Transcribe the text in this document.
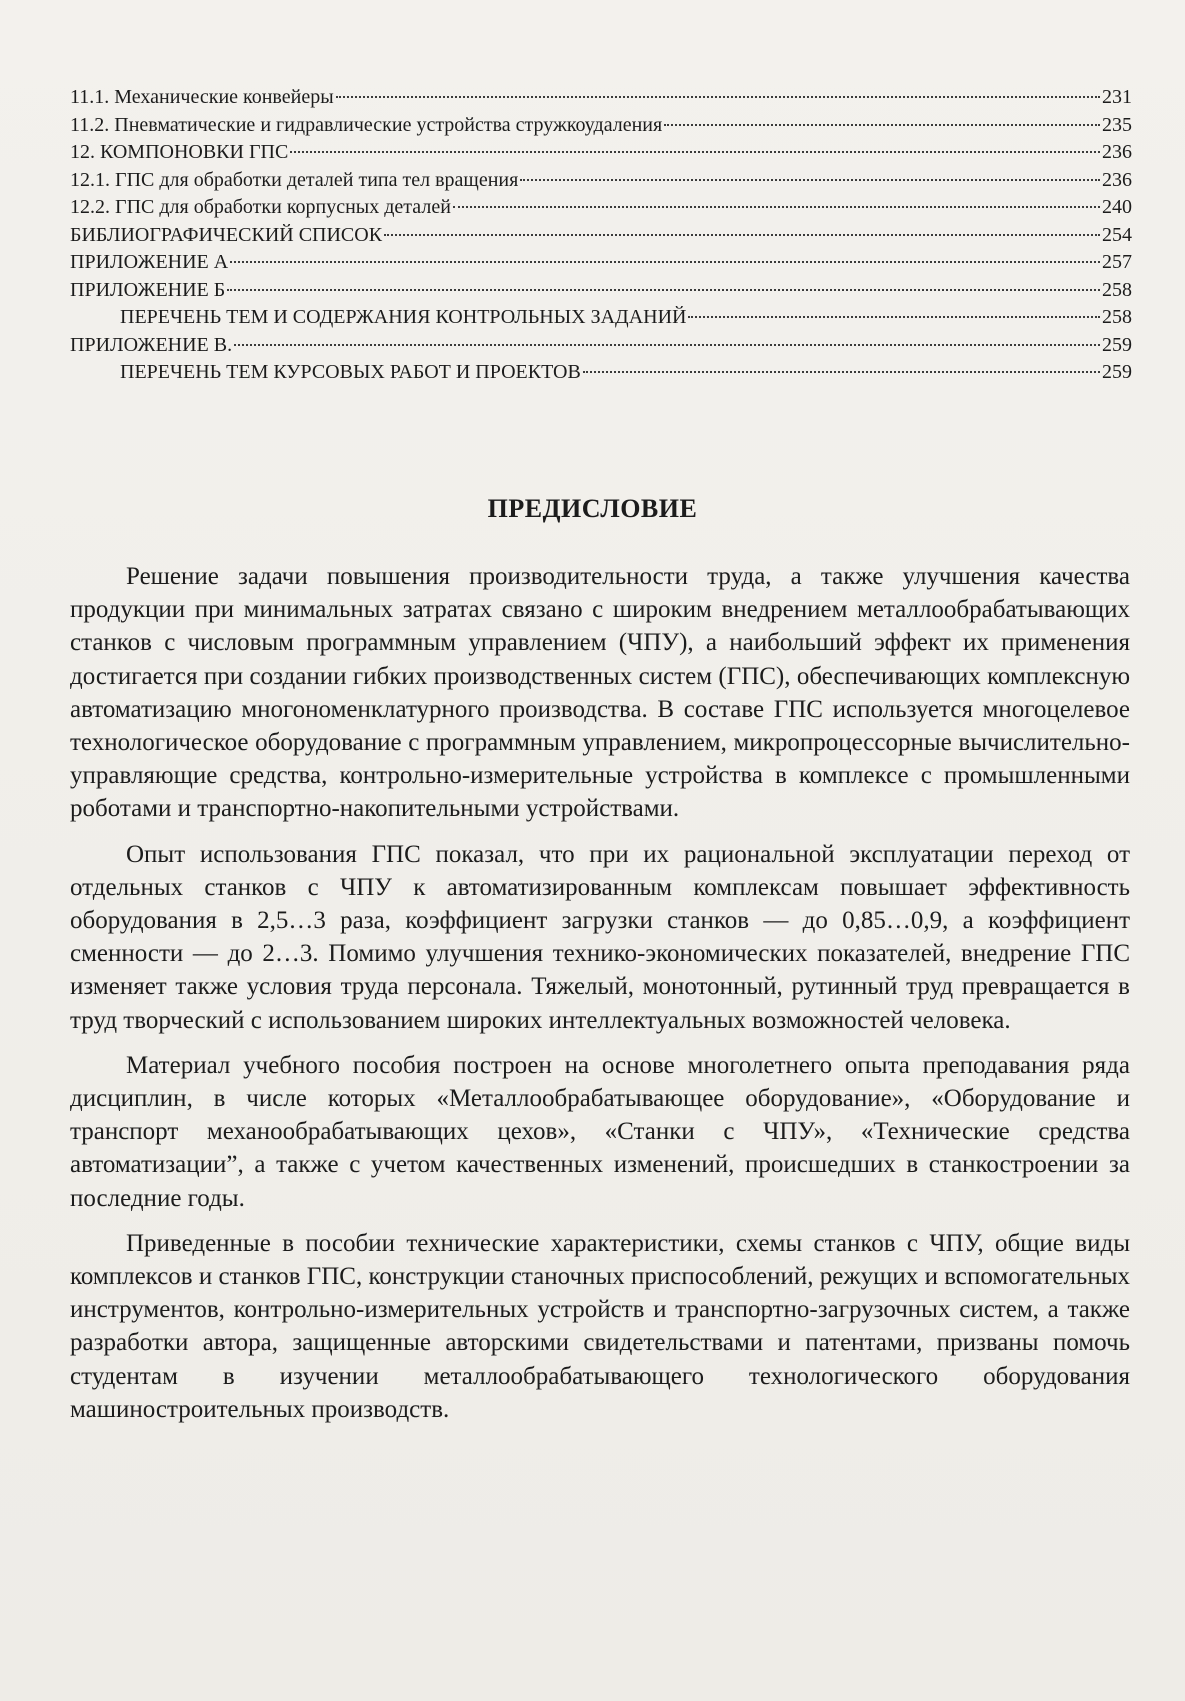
11.1. Механические конвейеры	231
11.2. Пневматические и гидравлические устройства стружкоудаления	235
12. КОМПОНОВКИ ГПС	236
12.1. ГПС для обработки деталей типа тел вращения	236
12.2. ГПС для обработки корпусных деталей	240
БИБЛИОГРАФИЧЕСКИЙ СПИСОК	254
ПРИЛОЖЕНИЕ А	257
ПРИЛОЖЕНИЕ Б	258
ПЕРЕЧЕНЬ ТЕМ И СОДЕРЖАНИЯ КОНТРОЛЬНЫХ ЗАДАНИЙ	258
ПРИЛОЖЕНИЕ В.	259
ПЕРЕЧЕНЬ ТЕМ КУРСОВЫХ РАБОТ И ПРОЕКТОВ	259
ПРЕДИСЛОВИЕ

Решение задачи повышения производительности труда, а также улучшения качества продукции при минимальных затратах связано с широким внедрением металлообрабатывающих станков с числовым программным управлением (ЧПУ), а наибольший эффект их применения достигается при создании гибких производственных систем (ГПС), обеспечивающих комплексную автоматизацию многономенклатурного производства. В составе ГПС используется многоцелевое технологическое оборудование с программным управлением, микропроцессорные вычислительно-управляющие средства, контрольно-измерительные устройства в комплексе с промышленными роботами и транспортно-накопительными устройствами.

Опыт использования ГПС показал, что при их рациональной эксплуатации переход от отдельных станков с ЧПУ к автоматизированным комплексам повышает эффективность оборудования в 2,5…3 раза, коэффициент загрузки станков — до 0,85…0,9, а коэффициент сменности — до 2…3. Помимо улучшения технико-экономических показателей, внедрение ГПС изменяет также условия труда персонала. Тяжелый, монотонный, рутинный труд превращается в труд творческий с использованием широких интеллектуальных возможностей человека.

Материал учебного пособия построен на основе многолетнего опыта преподавания ряда дисциплин, в числе которых «Металлообрабатывающее оборудование», «Оборудование и транспорт механообрабатывающих цехов», «Станки с ЧПУ», «Технические средства автоматизации”, а также с учетом качественных изменений, происшедших в станкостроении за последние годы.

Приведенные в пособии технические характеристики, схемы станков с ЧПУ, общие виды комплексов и станков ГПС, конструкции станочных приспособлений, режущих и вспомогательных инструментов, контрольно-измерительных устройств и транспортно-загрузочных систем, а также разработки автора, защищенные авторскими свидетельствами и патентами, призваны помочь студентам в изучении металлообрабатывающего технологического оборудования машиностроительных производств.
